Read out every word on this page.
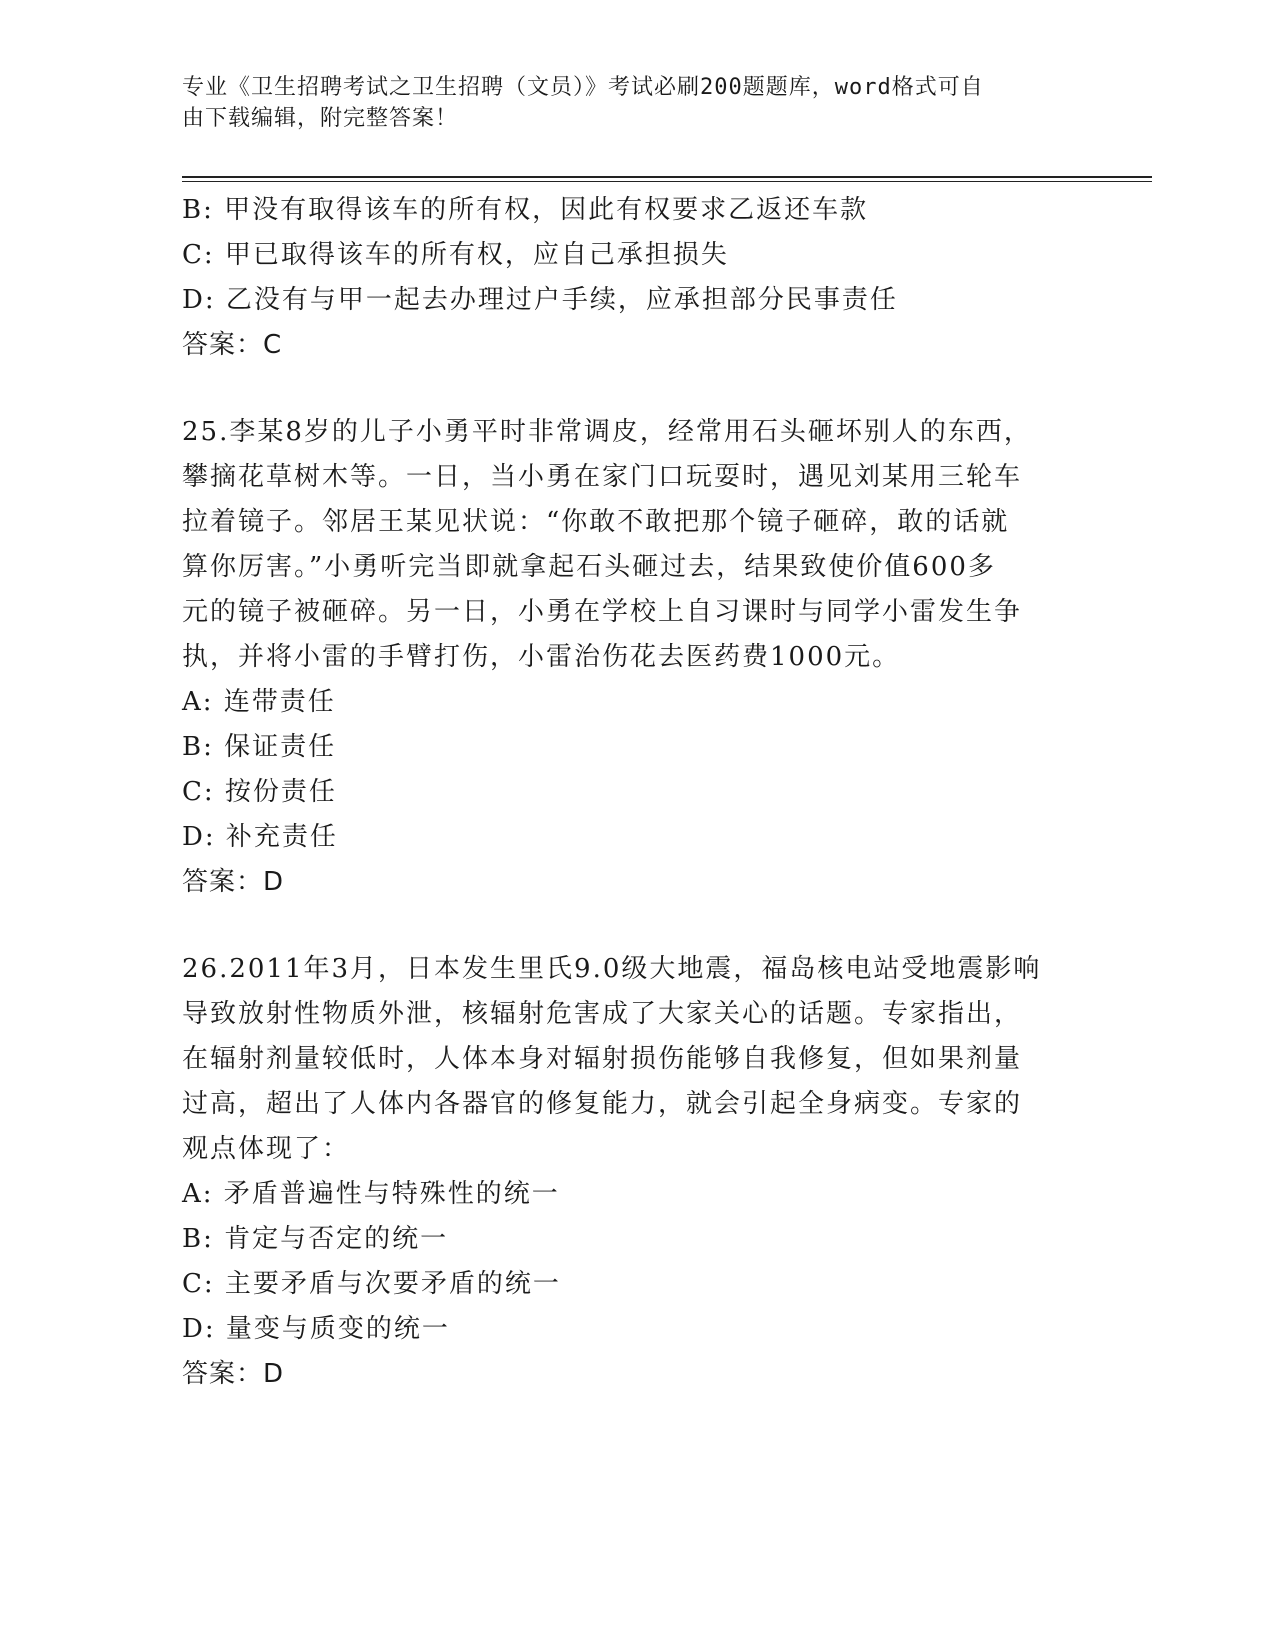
专业《卫生招聘考试之卫生招聘（文员）》考试必刷200题题库，word格式可自
由下载编辑，附完整答案！
B: 甲没有取得该车的所有权，因此有权要求乙返还车款
C: 甲已取得该车的所有权，应自己承担损失
D: 乙没有与甲一起去办理过户手续，应承担部分民事责任
答案：C
25.李某8岁的儿子小勇平时非常调皮，经常用石头砸坏别人的东西，
攀摘花草树木等。一日，当小勇在家门口玩耍时，遇见刘某用三轮车
拉着镜子。邻居王某见状说：“你敢不敢把那个镜子砸碎，敢的话就
算你厉害。”小勇听完当即就拿起石头砸过去，结果致使价值600多
元的镜子被砸碎。另一日，小勇在学校上自习课时与同学小雷发生争
执，并将小雷的手臂打伤，小雷治伤花去医药费1000元。
A: 连带责任
B: 保证责任
C: 按份责任
D: 补充责任
答案：D
26.2011年3月，日本发生里氏9.0级大地震，福岛核电站受地震影响
导致放射性物质外泄，核辐射危害成了大家关心的话题。专家指出，
在辐射剂量较低时，人体本身对辐射损伤能够自我修复，但如果剂量
过高，超出了人体内各器官的修复能力，就会引起全身病变。专家的
观点体现了：
A: 矛盾普遍性与特殊性的统一
B: 肯定与否定的统一
C: 主要矛盾与次要矛盾的统一
D: 量变与质变的统一
答案：D
